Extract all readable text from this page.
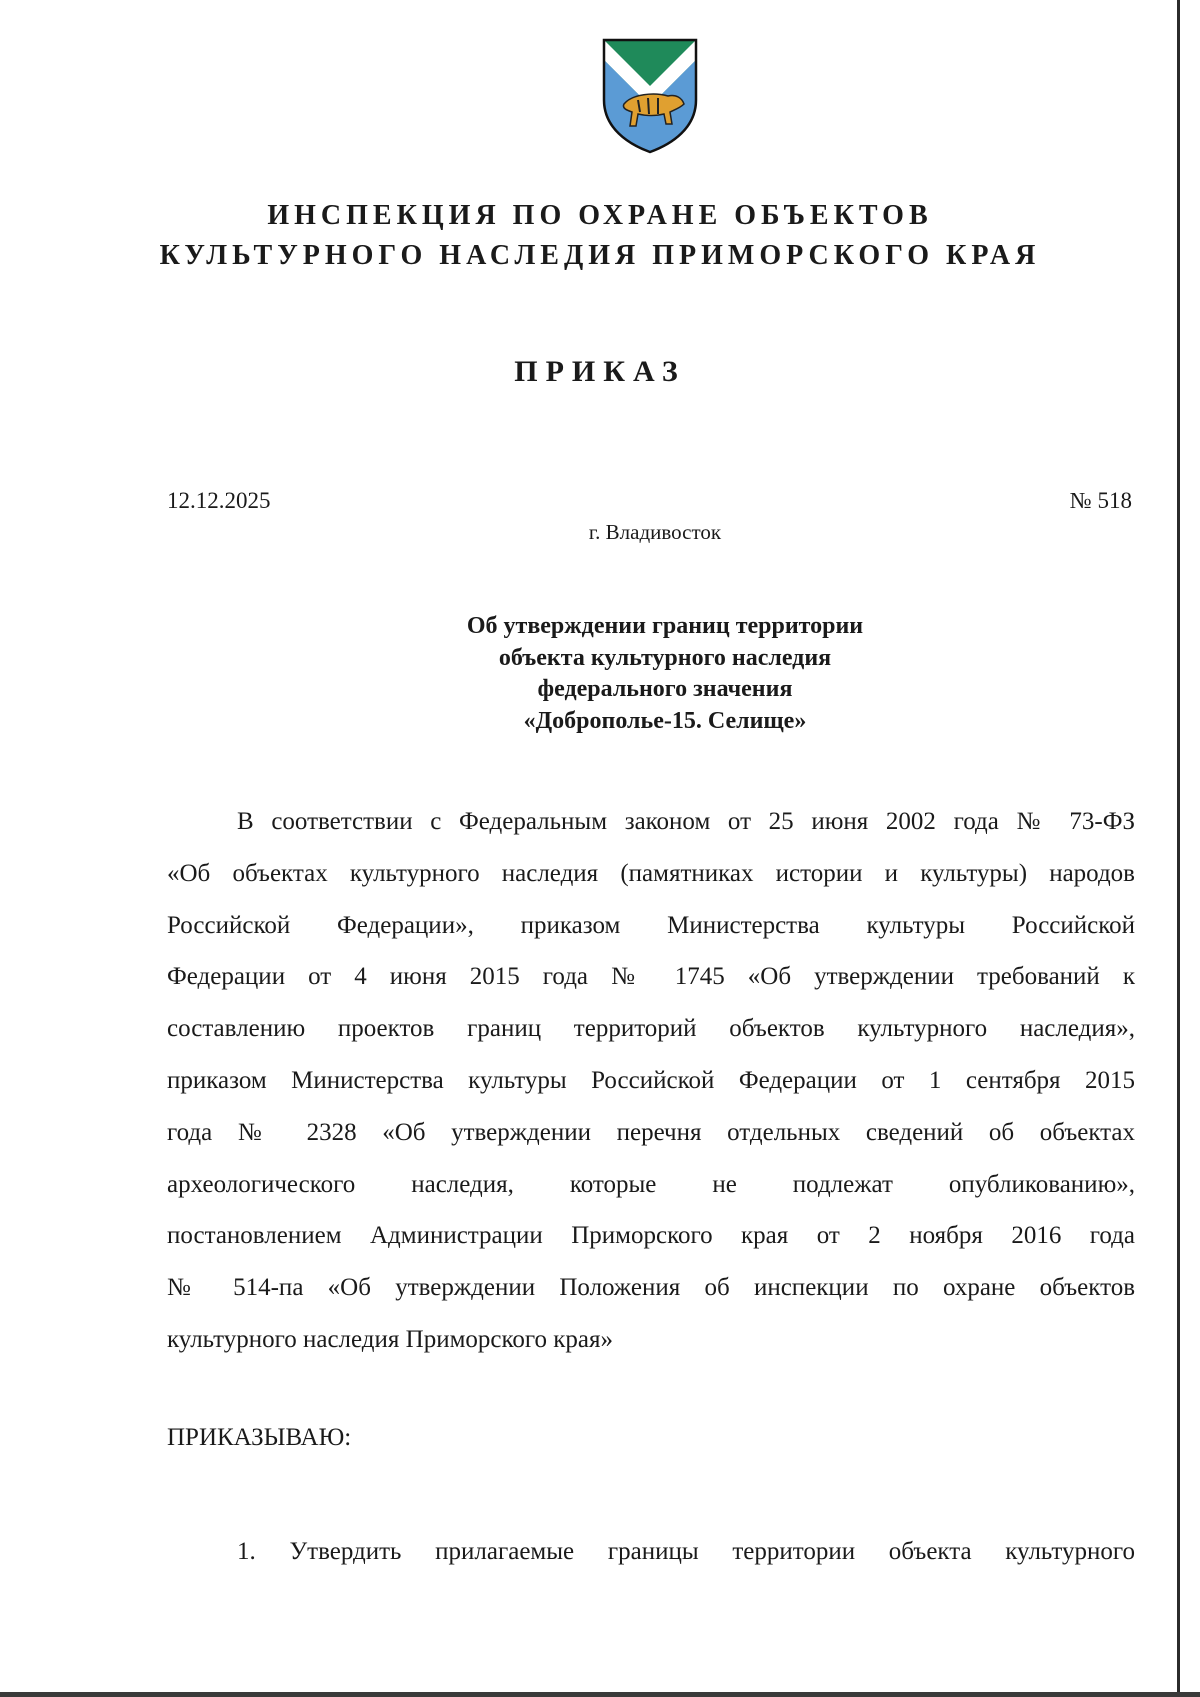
ИНСПЕКЦИЯ ПО ОХРАНЕ ОБЪЕКТОВ
КУЛЬТУРНОГО НАСЛЕДИЯ ПРИМОРСКОГО КРАЯ
ПРИКАЗ
12.12.2025	№ 518
г. Владивосток
Об утверждении границ территории
объекта культурного наследия
федерального значения
«Доброполье-15. Селище»
В соответствии с Федеральным законом от 25 июня 2002 года № 73-ФЗ
«Об объектах культурного наследия (памятниках истории и культуры) народов
Российской Федерации», приказом Министерства культуры Российской
Федерации от 4 июня 2015 года № 1745 «Об утверждении требований к
составлению проектов границ территорий объектов культурного наследия»,
приказом Министерства культуры Российской Федерации от 1 сентября 2015
года № 2328 «Об утверждении перечня отдельных сведений об объектах
археологического наследия, которые не подлежат опубликованию»,
постановлением Администрации Приморского края от 2 ноября 2016 года
№ 514-па «Об утверждении Положения об инспекции по охране объектов
культурного наследия Приморского края»
ПРИКАЗЫВАЮ:
1. Утвердить прилагаемые границы территории объекта культурного
